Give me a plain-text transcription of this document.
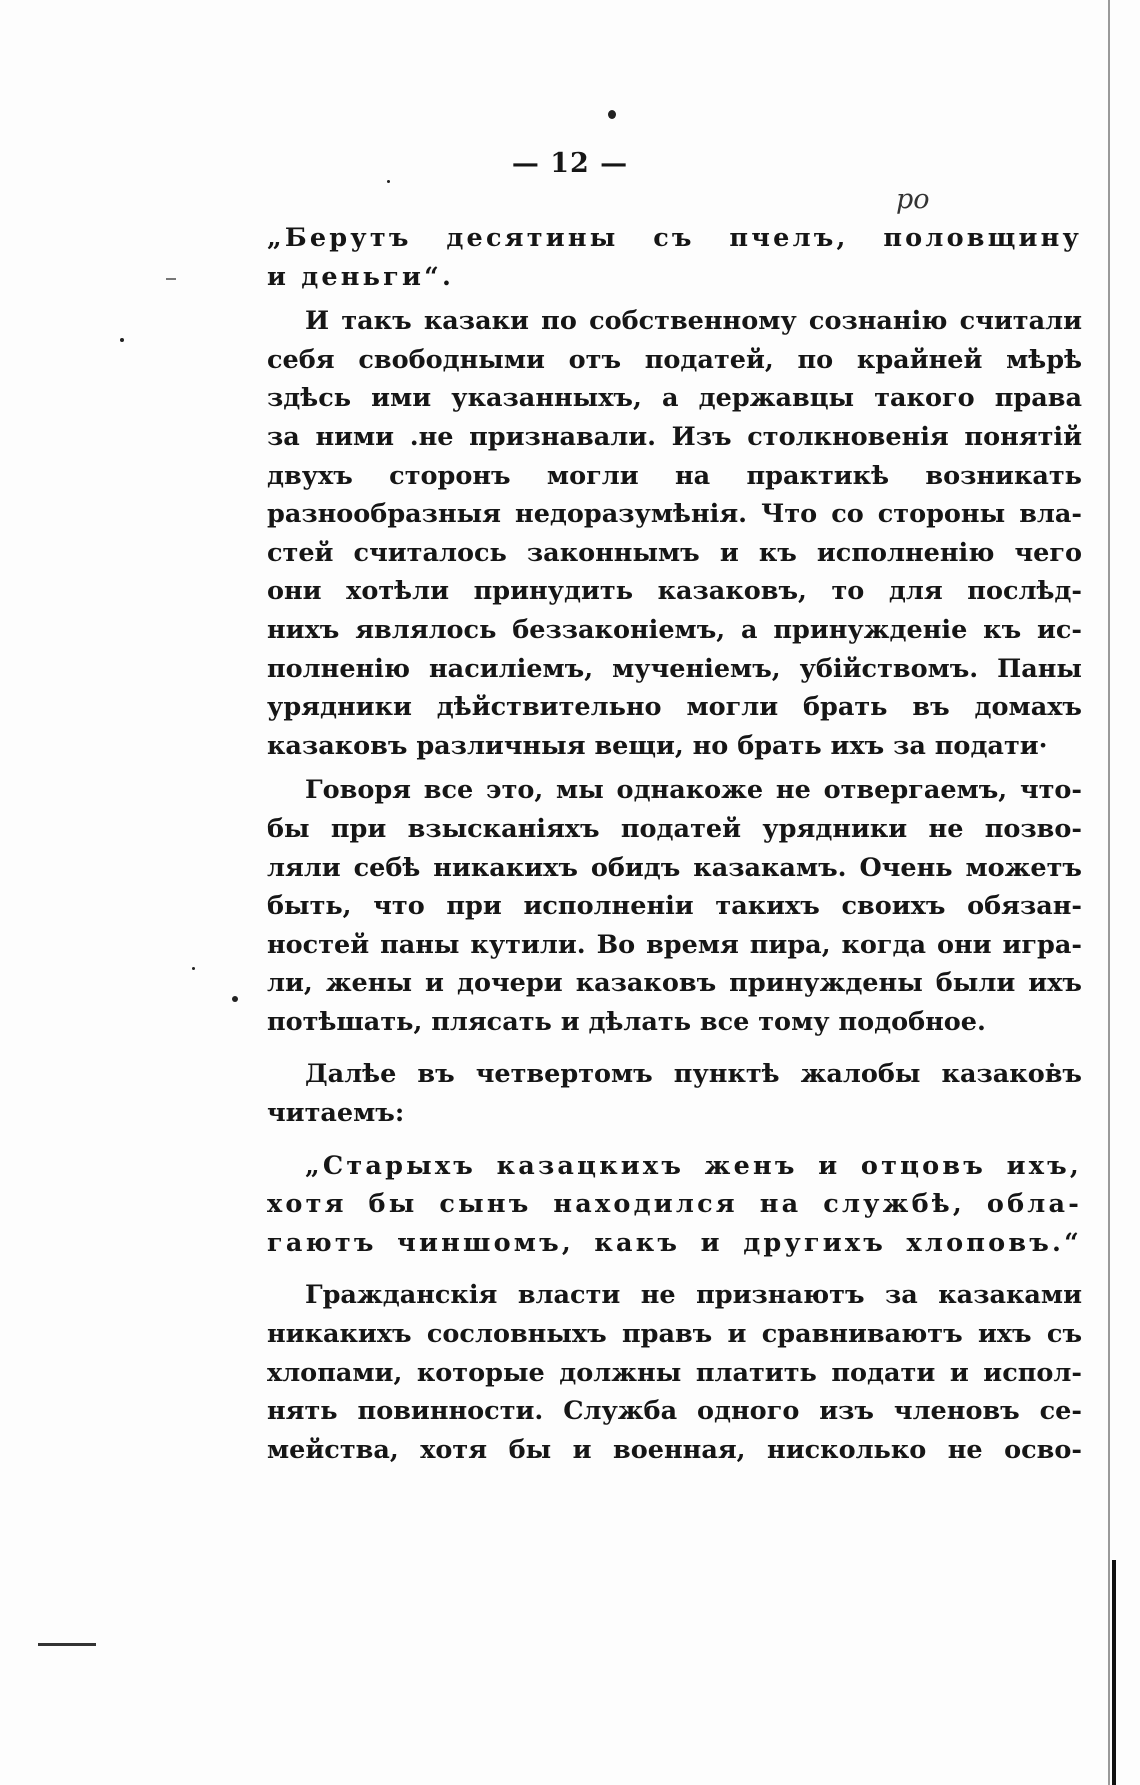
— 12 —
ро
„Берутъ десятины съ пчелъ, половщину
и деньги“.
И такъ казаки по собственному сознанію считали
себя свободными отъ податей, по крайней мѣрѣ
здѣсь ими указанныхъ, а державцы такого права
за ними .не признавали. Изъ столкновенія понятій
двухъ сторонъ могли на практикѣ возникать
разнообразныя недоразумѣнія. Что со стороны вла-
стей считалось законнымъ и къ исполненію чего
они хотѣли принудить казаковъ, то для послѣд-
нихъ являлось беззаконіемъ, а принужденіе къ ис-
полненію насиліемъ, мученіемъ, убійствомъ. Паны
урядники дѣйствительно могли брать въ домахъ
казаковъ различныя вещи, но брать ихъ за подати·
Говоря все это, мы однакоже не отвергаемъ, что-
бы при взысканіяхъ податей урядники не позво-
ляли себѣ никакихъ обидъ казакамъ. Очень можетъ
быть, что при исполненіи такихъ своихъ обязан-
ностей паны кутили. Во время пира, когда они игра-
ли, жены и дочери казаковъ принуждены были ихъ
потѣшать, плясать и дѣлать все тому подобное.
Далѣе въ четвертомъ пунктѣ жалобы казаковъ
читаемъ:
„Старыхъ казацкихъ женъ и отцовъ ихъ,
хотя бы сынъ находился на службѣ, обла-
гаютъ чиншомъ, какъ и другихъ хлоповъ.“
Гражданскія власти не признаютъ за казаками
никакихъ сословныхъ правъ и сравниваютъ ихъ съ
хлопами, которые должны платить подати и испол-
нять повинности. Служба одного изъ членовъ се-
мейства, хотя бы и военная, нисколько не осво-
